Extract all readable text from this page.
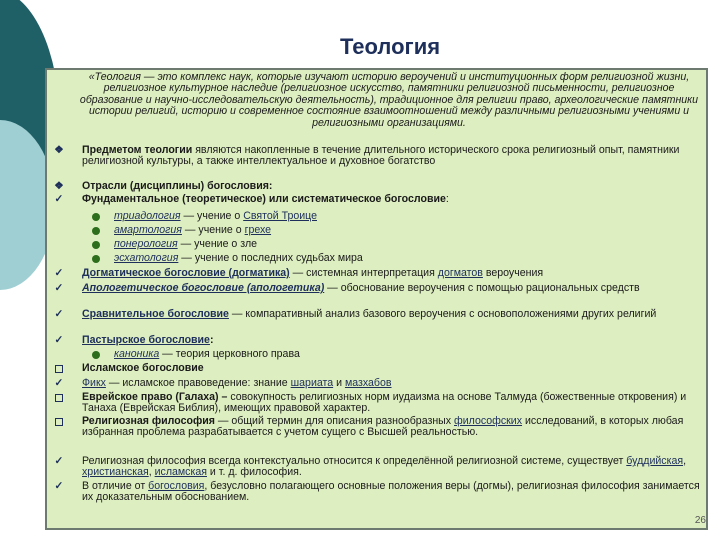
Теология
«Теология — это комплекс наук, которые изучают историю вероучений и институционных форм религиозной жизни, религиозное культурное наследие (религиозное искусство, памятники религиозной письменности, религиозное образование и научно-исследовательскую деятельность), традиционное для религии право, археологические памятники истории религий, историю и современное состояние взаимоотношений между различными религиозными учениями и религиозными организациями.
❖ Предметом теологии являются накопленные в течение длительного исторического срока религиозный опыт, памятники религиозной культуры, а также интеллектуальное и духовное богатство
❖ Отрасли (дисциплины) богословия:
✓ Фундаментальное (теоретическое) или систематическое богословие:
триадология — учение о Святой Троице
амартология — учение о грехе
понерология — учение о зле
эсхатология — учение о последних судьбах мира
✓ Догматическое богословие (догматика) — системная интерпретация догматов вероучения
✓ Апологетическое богословие (апологетика) — обоснование вероучения с помощью рациональных средств
✓ Сравнительное богословие — компаративный анализ базового вероучения с основоположениями других религий
✓ Пастырское богословие:
каноника — теория церковного права
Исламское богословие
✓ Фикх — исламское правоведение: знание шариата и мазхабов
Еврейское право (Галаха) – совокупность религиозных норм иудаизма на основе Талмуда (божественные откровения) и Танаха (Еврейская Библия), имеющих правовой характер.
Религиозная философия — общий термин для описания разнообразных философских исследований, в которых любая избранная проблема разрабатывается с учетом сущего с Высшей реальностью.
✓ Религиозная философия всегда контекстуально относится к определённой религиозной системе, существует буддийская, христианская, исламская и т. д. философия.
✓ В отличие от богословия, безусловно полагающего основные положения веры (догмы), религиозная философия занимается их доказательным обоснованием.
26
